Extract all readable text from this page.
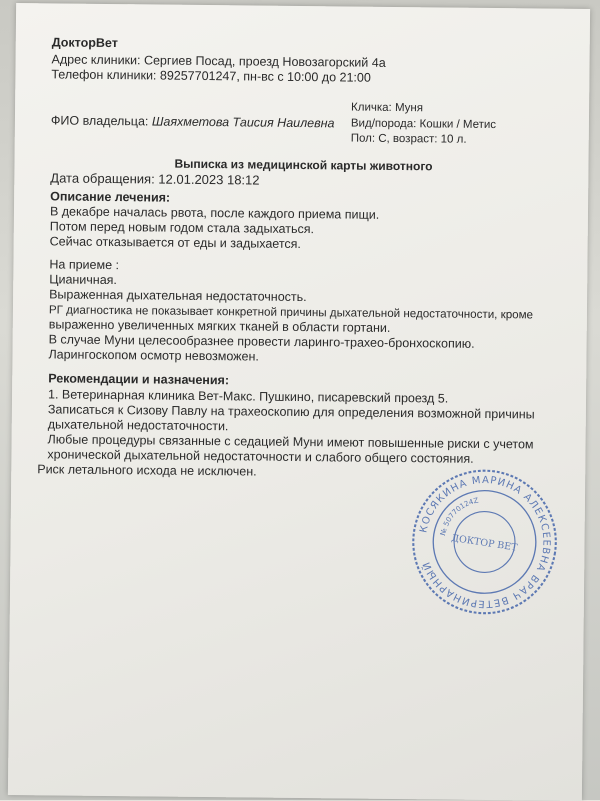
ДокторВет
Адрес клиники: Сергиев Посад, проезд Новозагорский 4а
Телефон клиники: 89257701247, пн-вс с 10:00 до 21:00
Кличка: Муня
ФИО владельца: Шаяхметова Таисия Наилевна Вид/порода: Кошки / Метис
Пол: С, возраст: 10 л.
Выписка из медицинской карты животного
Дата обращения: 12.01.2023 18:12
Описание лечения:
В декабре началась рвота, после каждого приема пищи.
Потом перед новым годом стала задыхаться.
Сейчас отказывается от еды и задыхается.
На приеме :
Цианичная.
Выраженная дыхательная недостаточность.
РГ диагностика не показывает конкретной причины дыхательной недостаточности, кроме
выраженно увеличенных мягких тканей в области гортани.
В случае Муни целесообразнее провести ларинго-трахео-бронхоскопию.
Ларингоскопом осмотр невозможен.
Рекомендации и назначения:
1. Ветеринарная клиника Вет-Макс. Пушкино, писаревский проезд 5.
Записаться к Сизову Павлу на трахеоскопию для определения возможной причины
дыхательной недостаточности.
Любые процедуры связанные с седацией Муни имеют повышенные риски с учетом
хронической дыхательной недостаточности и слабого общего состояния.
Риск летального исхода не исключен.
КОСЯКИНА МАРИНА АЛЕКСЕЕВНА ВРАЧ ВЕТЕРИНАРНЫЙ
№ 50770124Z
ДОКТОР ВЕТ
